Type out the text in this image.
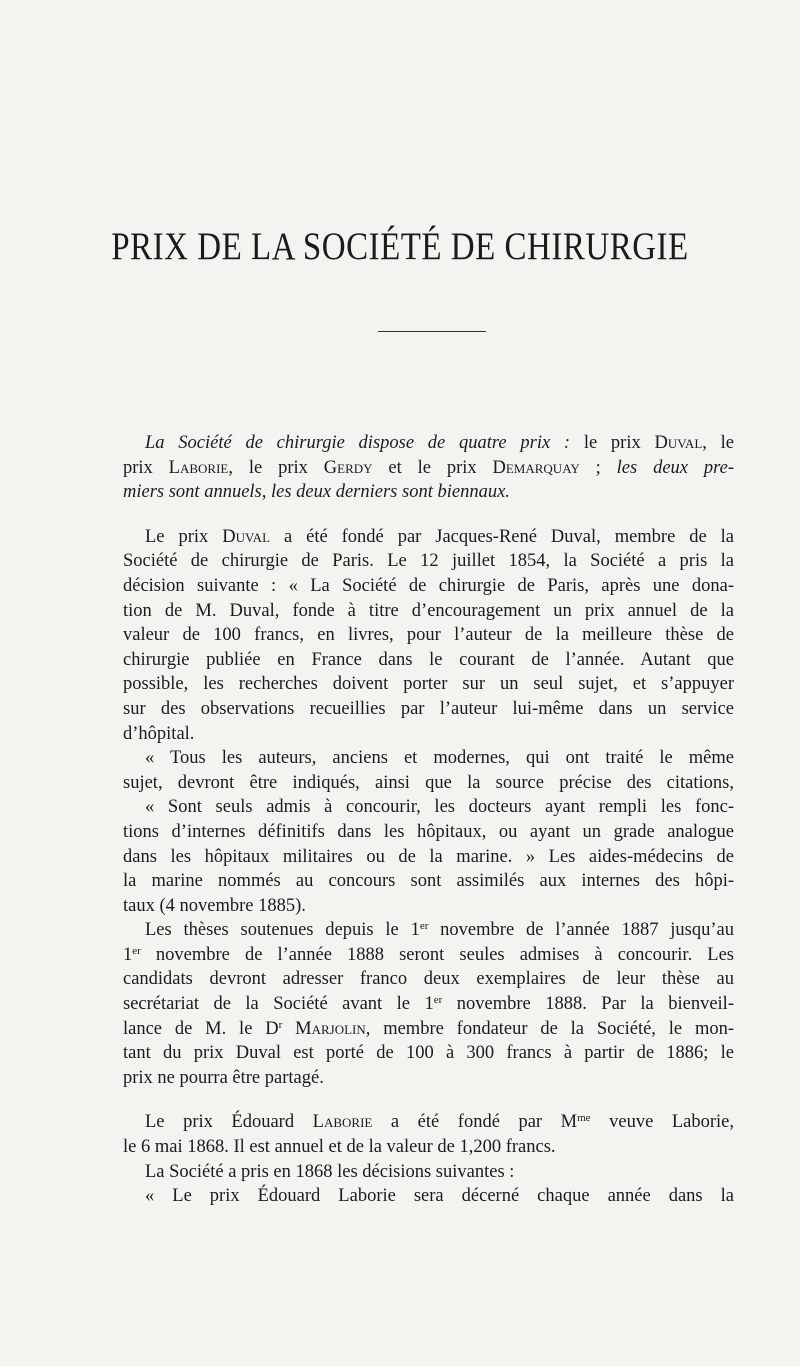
PRIX DE LA SOCIÉTÉ DE CHIRURGIE

La Société de chirurgie dispose de quatre prix : le prix Duval, le
prix Laborie, le prix Gerdy et le prix Demarquay ; les deux pre-
miers sont annuels, les deux derniers sont biennaux.

Le prix Duval a été fondé par Jacques-René Duval, membre de la
Société de chirurgie de Paris. Le 12 juillet 1854, la Société a pris la
décision suivante : « La Société de chirurgie de Paris, après une dona-
tion de M. Duval, fonde à titre d’encouragement un prix annuel de la
valeur de 100 francs, en livres, pour l’auteur de la meilleure thèse de
chirurgie publiée en France dans le courant de l’année. Autant que
possible, les recherches doivent porter sur un seul sujet, et s’appuyer
sur des observations recueillies par l’auteur lui-même dans un service
d’hôpital.

« Tous les auteurs, anciens et modernes, qui ont traité le même
sujet, devront être indiqués, ainsi que la source précise des citations,

« Sont seuls admis à concourir, les docteurs ayant rempli les fonc-
tions d’internes définitifs dans les hôpitaux, ou ayant un grade analogue
dans les hôpitaux militaires ou de la marine. » Les aides-médecins de
la marine nommés au concours sont assimilés aux internes des hôpi-
taux (4 novembre 1885).

Les thèses soutenues depuis le 1er novembre de l’année 1887 jusqu’au
1er novembre de l’année 1888 seront seules admises à concourir. Les
candidats devront adresser franco deux exemplaires de leur thèse au
secrétariat de la Société avant le 1er novembre 1888. Par la bienveil-
lance de M. le $D^r$ Marjolin, membre fondateur de la Société, le mon-
tant du prix Duval est porté de 100 à 300 francs à partir de 1886; le
prix ne pourra être partagé.

Le prix Édouard Laborie a été fondé par $M^{me}$ veuve Laborie,
le 6 mai 1868. Il est annuel et de la valeur de 1,200 francs.

La Société a pris en 1868 les décisions suivantes :

« Le prix Édouard Laborie sera décerné chaque année dans la
